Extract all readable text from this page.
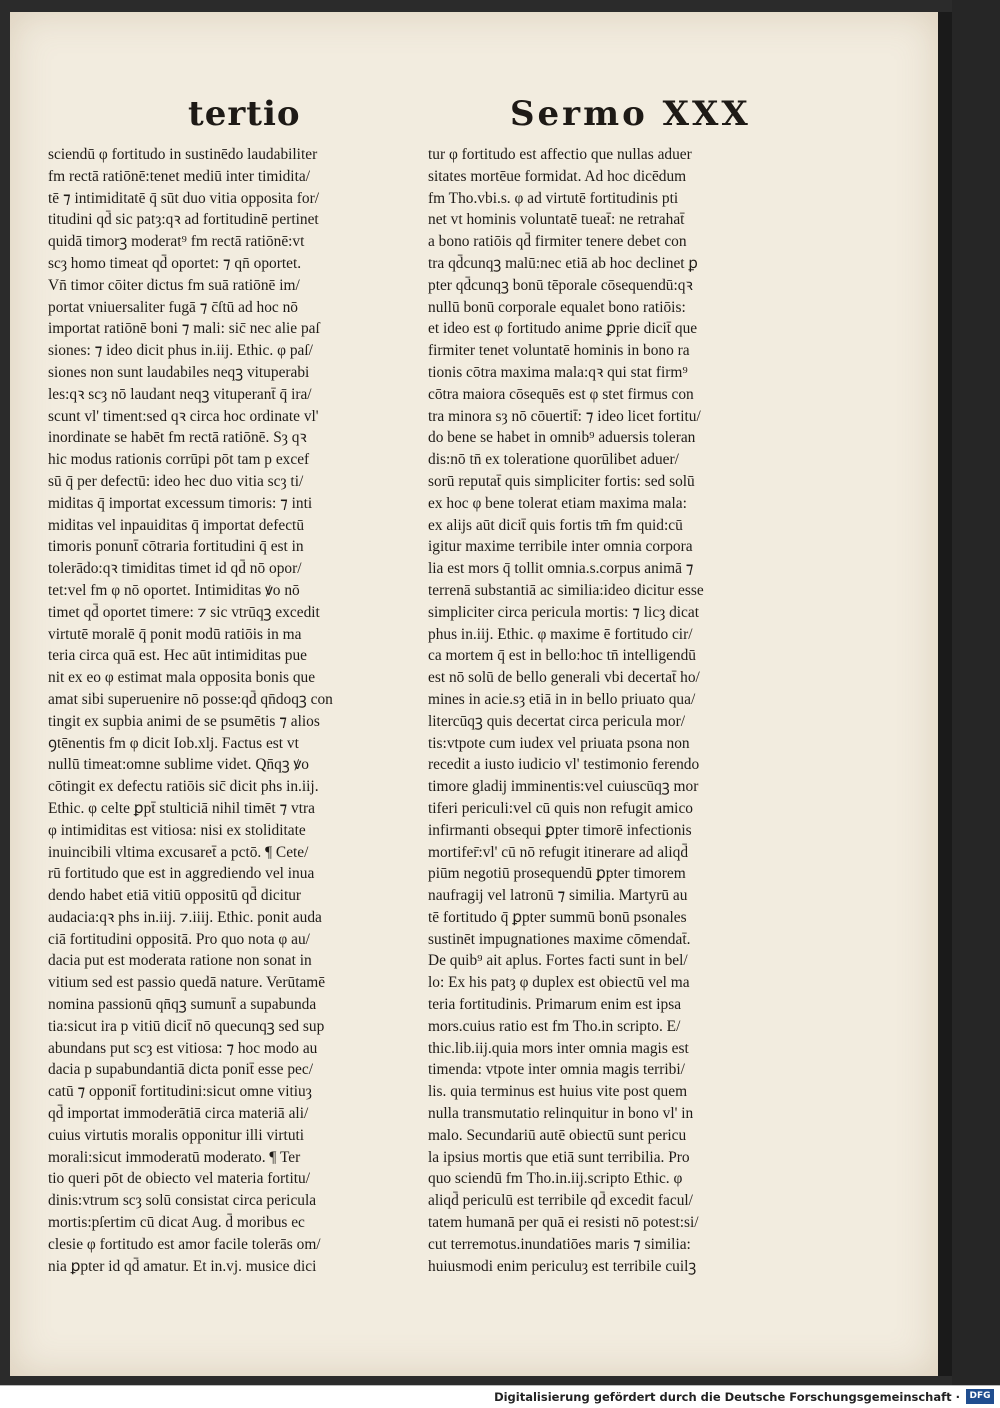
tertio	Sermo XXX
sciendū φ fortitudo in sustinēdo laudabiliter
fm rectā ratiōnē:tenet mediū inter timidita/
tē ⁊ intimiditatē q̄ sūt duo vitia opposita for/
titudini qd̄ sic patȝ:qꝛ ad fortitudinē pertinet
quidā timorꝫ moderat⁹ fm rectā ratiōnē:vt
scȝ homo timeat qd̄ oportet: ⁊ qn̄ oportet.
Vn̄ timor cōiter dictus fm suā ratiōnē im/
portat vniuersaliter fugā ⁊ c̄ſtū ad hoc nō
importat ratiōnē boni ⁊ mali: sic̄ nec alie paſ
siones: ⁊ ideo dicit phus in.iij. Ethic. φ paſ/
siones non sunt laudabiles neqꝫ vituperabi
les:qꝛ scȝ nō laudant neqꝫ vituperant̄ q̄ ira/
scunt vl' timent:sed qꝛ circa hoc ordinate vl'
inordinate se habēt fm rectā ratiōnē. Sȝ qꝛ
hic modus rationis corrūpi pōt tam p excef
sū q̄ per defectū: ideo hec duo vitia scȝ ti/
miditas q̄ importat excessum timoris: ⁊ inti
miditas vel inpauiditas q̄ importat defectū
timoris ponunt̄ cōtraria fortitudini q̄ est in
tolerādo:qꝛ timiditas timet id qd̄ nō opor/
tet:vel fm φ nō oportet. Intimiditas ꝟo nō
timet qd̄ oportet timere: ⁊ sic vtrūqꝫ excedit
virtutē moralē q̄ ponit modū ratiōis in ma
teria circa quā est. Hec aūt intimiditas pue
nit ex eo φ estimat mala opposita bonis que
amat sibi superuenire nō posse:qd̄ qn̄doqꝫ con
tingit ex supbia animi de se psumētis ⁊ alios
ꝯtēnentis fm φ dicit Iob.xlj. Factus est vt
nullū timeat:omne sublime videt. Qn̄qꝫ ꝟo
cōtingit ex defectu ratiōis sic̄ dicit phs in.iij.
Ethic. φ celte ꝑpt̄ stulticiā nihil timēt ⁊ vtra
φ intimiditas est vitiosa: nisi ex stoliditate
inuincibili vltima excusaret̄ a pctō. ¶ Cete/
rū fortitudo que est in aggrediendo vel inua
dendo habet etiā vitiū oppositū qd̄ dicitur
audacia:qꝛ phs in.iij. ⁊.iiij. Ethic. ponit auda
ciā fortitudini oppositā. Pro quo nota φ au/
dacia put est moderata ratione non sonat in
vitium sed est passio quedā nature. Verūtamē
nomina passionū qn̄qꝫ sumunt̄ a supabunda
tia:sicut ira p vitiū dicit̄ nō quecunqꝫ sed sup
abundans put scȝ est vitiosa: ⁊ hoc modo au
dacia p supabundantiā dicta ponit̄ esse pec/
catū ⁊ opponit̄ fortitudini:sicut omne vitiuȝ
qd̄ importat immoderātiā circa materiā ali/
cuius virtutis moralis opponitur illi virtuti
morali:sicut immoderatū moderato. ¶ Ter
tio queri pōt de obiecto vel materia fortitu/
dinis:vtrum scȝ solū consistat circa pericula
mortis:pſertim cū dicat Aug. d̄ moribus ec
clesie φ fortitudo est amor facile tolerās om/
nia ꝑpter id qd̄ amatur. Et in.vj. musice dici
tur φ fortitudo est affectio que nullas aduer
sitates mortēue formidat. Ad hoc dicēdum
fm Tho.vbi.s. φ ad virtutē fortitudinis pti
net vt hominis voluntatē tueat̄: ne retrahat̄
a bono ratiōis qd̄ firmiter tenere debet con
tra qd̄cunqꝫ malū:nec etiā ab hoc declinet ꝑ
pter qd̄cunqꝫ bonū tēporale cōsequendū:qꝛ
nullū bonū corporale equalet bono ratiōis:
et ideo est φ fortitudo anime ꝑprie dicit̄ que
firmiter tenet voluntatē hominis in bono ra
tionis cōtra maxima mala:qꝛ qui stat firm⁹
cōtra maiora cōsequēs est φ stet firmus con
tra minora sȝ nō cōuertit̄: ⁊ ideo licet fortitu/
do bene se habet in omnib⁹ aduersis toleran
dis:nō tn̄ ex toleratione quorūlibet aduer/
sorū reputat̄ quis simpliciter fortis: sed solū
ex hoc φ bene tolerat etiam maxima mala:
ex alijs aūt dicit̄ quis fortis tm̄ fm quid:cū
igitur maxime terribile inter omnia corpora
lia est mors q̄ tollit omnia.s.corpus animā ⁊
terrenā substantiā ac similia:ideo dicitur esse
simpliciter circa pericula mortis: ⁊ licȝ dicat
phus in.iij. Ethic. φ maxime ē fortitudo cir/
ca mortem q̄ est in bello:hoc tn̄ intelligendū
est nō solū de bello generali vbi decertat̄ ho/
mines in acie.sȝ etiā in in bello priuato qua/
litercūqꝫ quis decertat circa pericula mor/
tis:vtpote cum iudex vel priuata psona non
recedit a iusto iudicio vl' testimonio ferendo
timore gladij imminentis:vel cuiuscūqꝫ mor
tiferi periculi:vel cū quis non refugit amico
infirmanti obsequi ꝑpter timorē infectionis
mortifer̄:vl' cū nō refugit itinerare ad aliqd̄
piūm negotiū prosequendū ꝑpter timorem
naufragij vel latronū ⁊ similia. Martyrū au
tē fortitudo q̄ ꝑpter summū bonū psonales
sustinēt impugnationes maxime cōmendat̄.
De quib⁹ ait aplus. Fortes facti sunt in bel/
lo: Ex his patȝ φ duplex est obiectū vel ma
teria fortitudinis. Primarum enim est ipsa
mors.cuius ratio est fm Tho.in scripto. E/
thic.lib.iij.quia mors inter omnia magis est
timenda: vtpote inter omnia magis terribi/
lis. quia terminus est huius vite post quem
nulla transmutatio relinquitur in bono vl' in
malo. Secundariū autē obiectū sunt pericu
la ipsius mortis que etiā sunt terribilia. Pro
quo sciendū fm Tho.in.iij.scripto Ethic. φ
aliqd̄ periculū est terribile qd̄ excedit facul/
tatem humanā per quā ei resisti nō potest:si/
cut terremotus.inundatiōes maris ⁊ similia:
huiusmodi enim periculuȝ est terribile cuilꝫ
Digitalisierung gefördert durch die Deutsche Forschungsgemeinschaft ·	DFG
